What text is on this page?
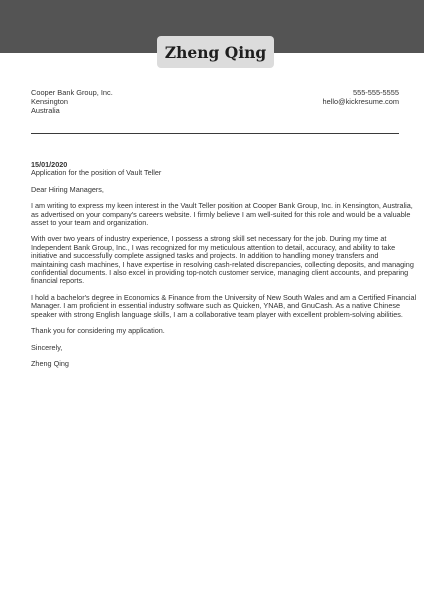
Zheng Qing
Cooper Bank Group, Inc.
Kensington
Australia
555-555-5555
hello@kickresume.com
15/01/2020
Application for the position of Vault Teller

Dear Hiring Managers,

I am writing to express my keen interest in the Vault Teller position at Cooper Bank Group, Inc. in Kensington, Australia,
as advertised on your company's careers website. I firmly believe I am well-suited for this role and would be a valuable
asset to your team and organization.

With over two years of industry experience, I possess a strong skill set necessary for the job. During my time at
Independent Bank Group, Inc., I was recognized for my meticulous attention to detail, accuracy, and ability to take
initiative and successfully complete assigned tasks and projects. In addition to handling money transfers and
maintaining cash machines, I have expertise in resolving cash-related discrepancies, collecting deposits, and managing
confidential documents. I also excel in providing top-notch customer service, managing client accounts, and preparing
financial reports.

I hold a bachelor's degree in Economics & Finance from the University of New South Wales and am a Certified Financial
Manager. I am proficient in essential industry software such as Quicken, YNAB, and GnuCash. As a native Chinese
speaker with strong English language skills, I am a collaborative team player with excellent problem-solving abilities.

Thank you for considering my application.

Sincerely,

Zheng Qing
